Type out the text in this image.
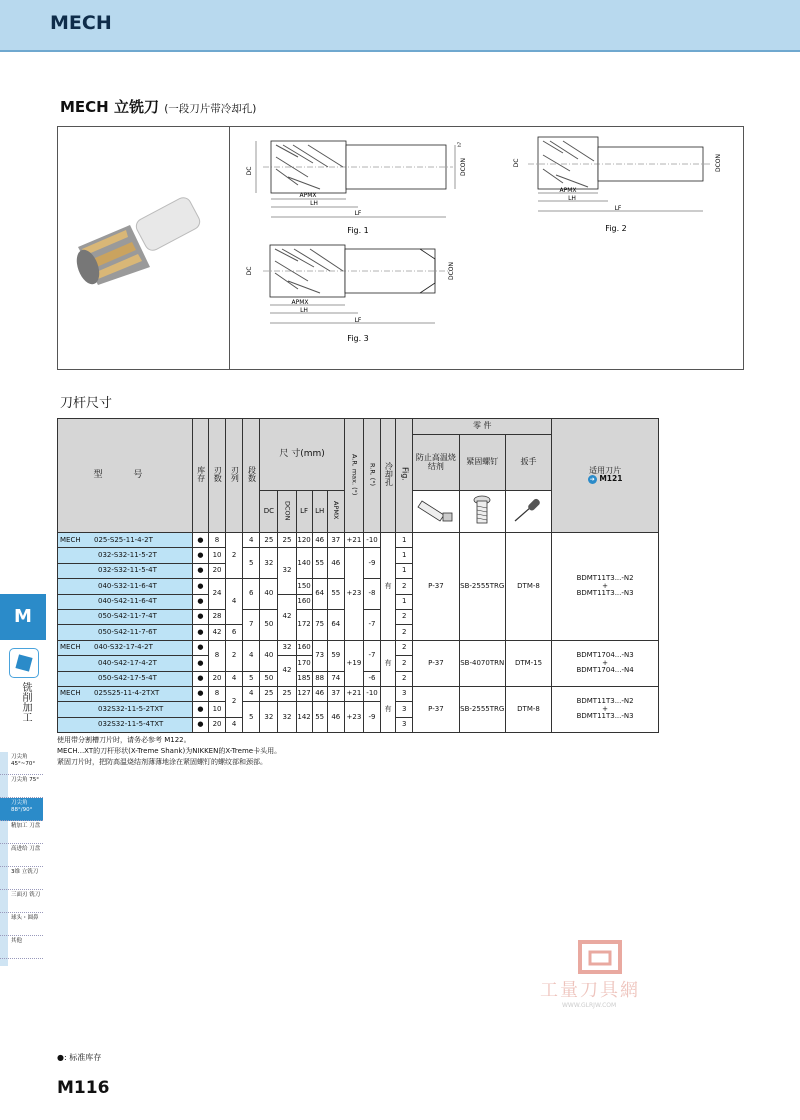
MECH
MECH 立铣刀 (一段刀片带冷却孔)
DC	DCON
h7
APMX
LH
LF
Fig. 1
DC	DCON
APMX
LH
LF
Fig. 2
DC	DCON
APMX
LH
LF
Fig. 3
刀杆尺寸
型 号	库存	刃数	刃列	段数	尺 寸(mm)					A.R. max. (°)	R.R. (°)	冷却孔	Fig.	零 件			适用刀片
➜ M121

														防止高温烧结剂	紧固螺钉	扳手	
					DC	DCON	LF	LH	APMX			
MECH 025-S25-11-4-2T	●	8	2	4	25	25	120	46	37	+21	-10	有	1	P-37	SB-2555TRG	DTM-8	BDMT11T3...-N2
+
BDMT11T3...-N3

032-S32-11-5-2T	●	10		5	32	32	140	55	46	+23	-9		1				
032-S32-11-5-4T	●	20											1				
040-S32-11-6-4T	●	24	4	6	40		150	64	55		-8		2				
040-S42-11-6-4T	●					42	160						1				
050-S42-11-7-4T	●	28		7	50		172	75	64		-7		2				
050-S42-11-7-6T	●	42	6										2				
MECH 040-S32-17-4-2T	●	8	2	4	40	32	160	73	59	+19	-7	有	2	P-37	SB-4070TRN	DTM-15	BDMT1704...-N3
+
BDMT1704...-N4

040-S42-17-4-2T	●					42	170						2				
050-S42-17-5-4T	●	20	4	5	50		185	88	74		-6		2				
MECH 025S25-11-4-2TXT	●	8	2	4	25	25	127	46	37	+21	-10	有	3	P-37	SB-2555TRG	DTM-8	BDMT11T3...-N2
+
BDMT11T3...-N3

032S32-11-5-2TXT	●	10		5	32	32	142	55	46	+23	-9		3				
032S32-11-5-4TXT	●	20	4										3				
使用带分割槽刀片时，请务必参考 M122。
MECH...XT的刀杆形状(X-Treme Shank)为NIKKEN的X-Treme卡头用。
紧固刀片时，把防高温烧结剂薄薄地涂在紧固螺钉的螺纹部和颈部。
M
铣削加工
刀尖角 45°~70°
刀尖角 75°
刀尖角 88°/90°
精加工 刀盘
高进给 刀盘
3维 立铣刀
三面刃 铣刀
球头・圆鼻
其他
工量刀具網
WWW.GLRJW.COM
●: 标准库存
M116
